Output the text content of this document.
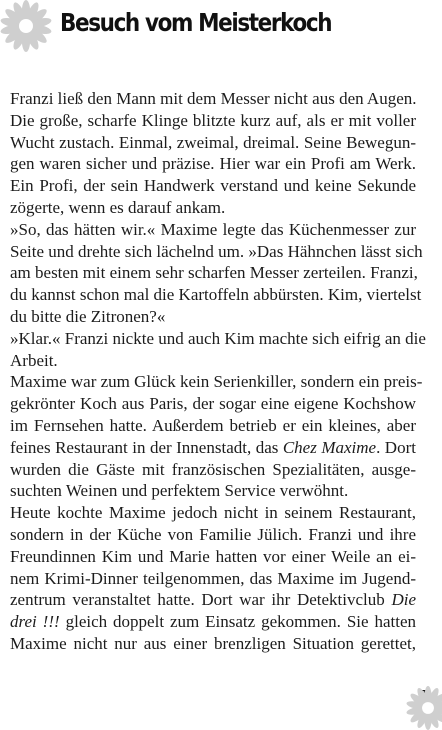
Besuch vom Meisterkoch
Franzi ließ den Mann mit dem Messer nicht aus den Augen.
Die große, scharfe Klinge blitzte kurz auf, als er mit voller
Wucht zustach. Einmal, zweimal, dreimal. Seine Bewegun-
gen waren sicher und präzise. Hier war ein Profi am Werk.
Ein Profi, der sein Handwerk verstand und keine Sekunde
zögerte, wenn es darauf ankam.
»So, das hätten wir.« Maxime legte das Küchenmesser zur
Seite und drehte sich lächelnd um. »Das Hähnchen lässt sich
am besten mit einem sehr scharfen Messer zerteilen. Franzi,
du kannst schon mal die Kartoffeln abbürsten. Kim, viertelst
du bitte die Zitronen?«
»Klar.« Franzi nickte und auch Kim machte sich eifrig an die
Arbeit.
Maxime war zum Glück kein Serienkiller, sondern ein preis-
gekrönter Koch aus Paris, der sogar eine eigene Kochshow
im Fernsehen hatte. Außerdem betrieb er ein kleines, aber
feines Restaurant in der Innenstadt, das Chez Maxime. Dort
wurden die Gäste mit französischen Spezialitäten, ausge-
suchten Weinen und perfektem Service verwöhnt.
Heute kochte Maxime jedoch nicht in seinem Restaurant,
sondern in der Küche von Familie Jülich. Franzi und ihre
Freundinnen Kim und Marie hatten vor einer Weile an ei-
nem Krimi-Dinner teilgenommen, das Maxime im Jugend-
zentrum veranstaltet hatte. Dort war ihr Detektivclub Die
drei !!! gleich doppelt zum Einsatz gekommen. Sie hatten
Maxime nicht nur aus einer brenzligen Situation gerettet,
